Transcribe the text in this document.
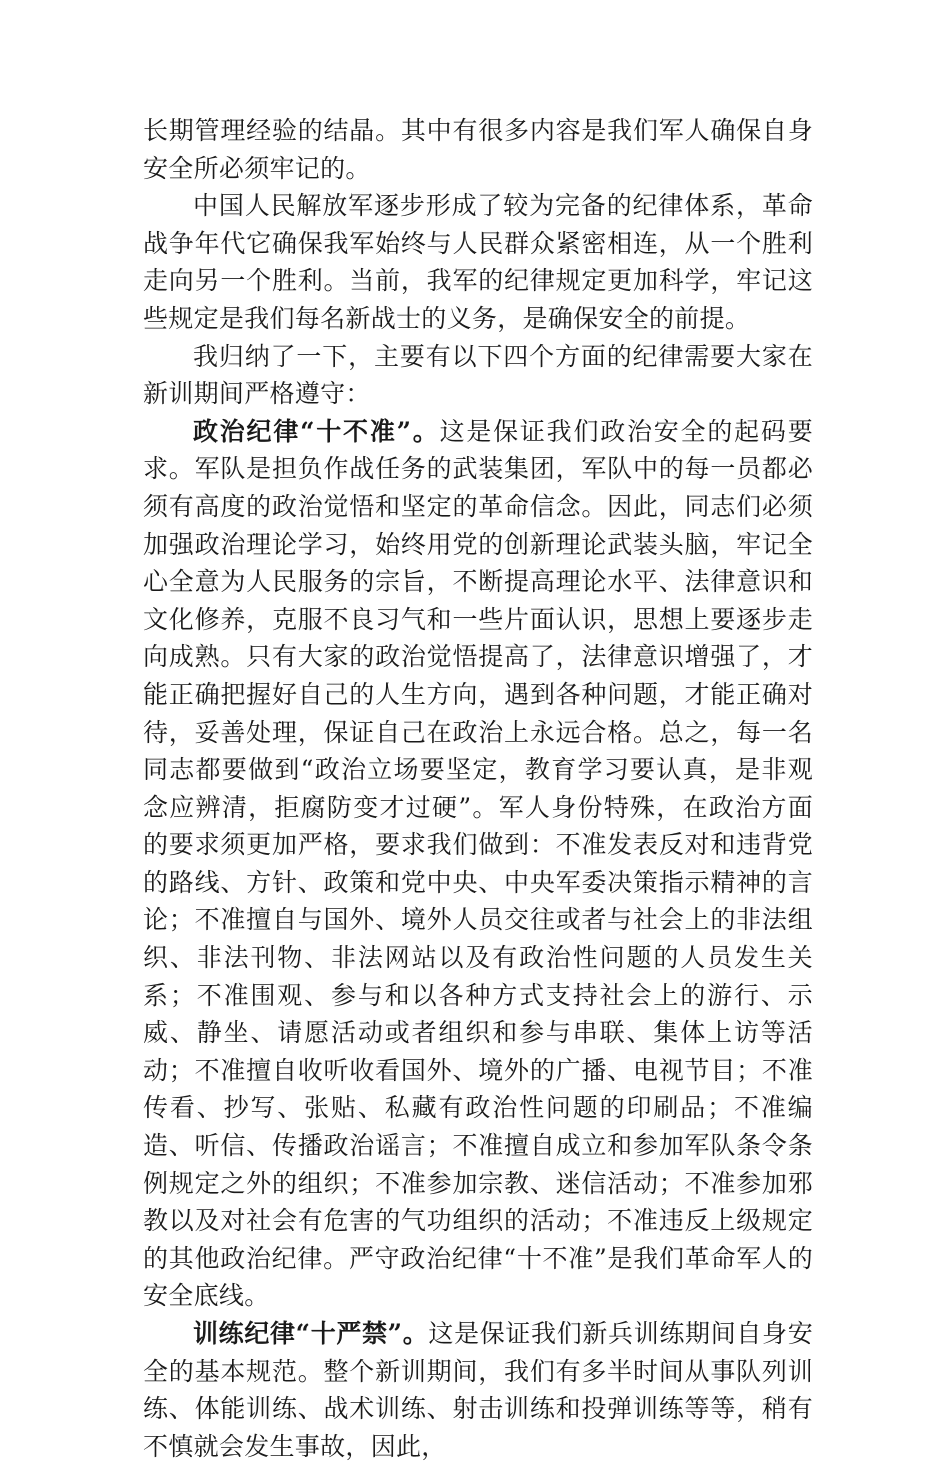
长期管理经验的结晶。其中有很多内容是我们军人确保自身安全所必须牢记的。

中国人民解放军逐步形成了较为完备的纪律体系，革命战争年代它确保我军始终与人民群众紧密相连，从一个胜利走向另一个胜利。当前，我军的纪律规定更加科学，牢记这些规定是我们每名新战士的义务，是确保安全的前提。

我归纳了一下，主要有以下四个方面的纪律需要大家在新训期间严格遵守：

政治纪律“十不准”。这是保证我们政治安全的起码要求。军队是担负作战任务的武装集团，军队中的每一员都必须有高度的政治觉悟和坚定的革命信念。因此，同志们必须加强政治理论学习，始终用党的创新理论武装头脑，牢记全心全意为人民服务的宗旨，不断提高理论水平、法律意识和文化修养，克服不良习气和一些片面认识，思想上要逐步走向成熟。只有大家的政治觉悟提高了，法律意识增强了，才能正确把握好自己的人生方向，遇到各种问题，才能正确对待，妥善处理，保证自己在政治上永远合格。总之，每一名同志都要做到“政治立场要坚定，教育学习要认真，是非观念应辨清，拒腐防变才过硬”。军人身份特殊，在政治方面的要求须更加严格，要求我们做到：不准发表反对和违背党的路线、方针、政策和党中央、中央军委决策指示精神的言论；不准擅自与国外、境外人员交往或者与社会上的非法组织、非法刊物、非法网站以及有政治性问题的人员发生关系；不准围观、参与和以各种方式支持社会上的游行、示威、静坐、请愿活动或者组织和参与串联、集体上访等活动；不准擅自收听收看国外、境外的广播、电视节目；不准传看、抄写、张贴、私藏有政治性问题的印刷品；不准编造、听信、传播政治谣言；不准擅自成立和参加军队条令条例规定之外的组织；不准参加宗教、迷信活动；不准参加邪教以及对社会有危害的气功组织的活动；不准违反上级规定的其他政治纪律。严守政治纪律“十不准”是我们革命军人的安全底线。

训练纪律“十严禁”。这是保证我们新兵训练期间自身安全的基本规范。整个新训期间，我们有多半时间从事队列训练、体能训练、战术训练、射击训练和投弹训练等等，稍有不慎就会发生事故，因此，
